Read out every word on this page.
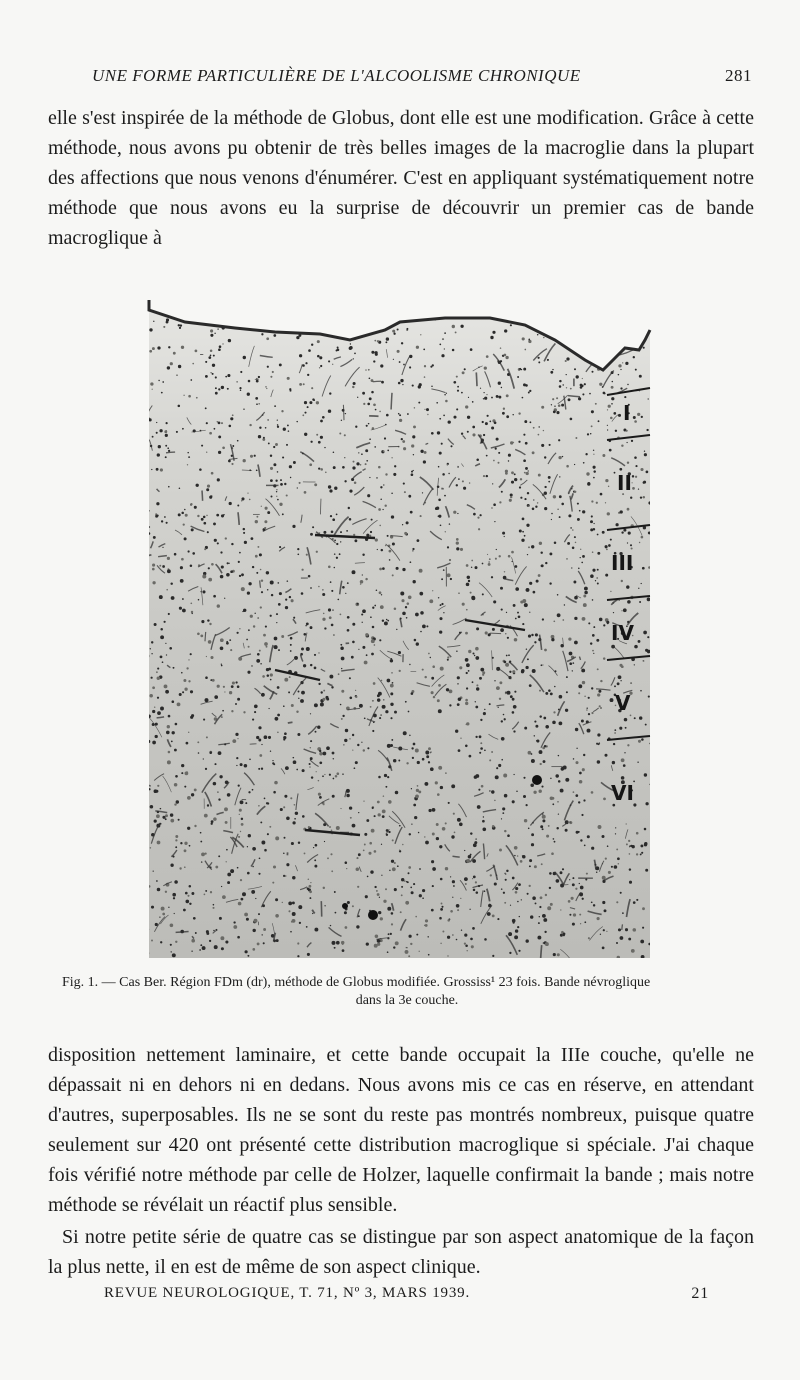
UNE FORME PARTICULIÈRE DE L'ALCOOLISME CHRONIQUE	281

elle s'est inspirée de la méthode de Globus, dont elle est une modification. Grâce à cette méthode, nous avons pu obtenir de très belles images de la macroglie dans la plupart des affections que nous venons d'énumérer. C'est en appliquant systématiquement notre méthode que nous avons eu la surprise de découvrir un premier cas de bande macroglique à

I
II
III
IV
V
VI
Fig. 1. — Cas Ber. Région FDm (dr), méthode de Globus modifiée. Grossiss¹ 23 fois. Bande névroglique
dans la 3e couche.

disposition nettement laminaire, et cette bande occupait la IIIe couche, qu'elle ne dépassait ni en dehors ni en dedans. Nous avons mis ce cas en réserve, en attendant d'autres, superposables. Ils ne se sont du reste pas montrés nombreux, puisque quatre seulement sur 420 ont présenté cette distribution macroglique si spéciale. J'ai chaque fois vérifié notre méthode par celle de Holzer, laquelle confirmait la bande ; mais notre méthode se révélait un réactif plus sensible.

Si notre petite série de quatre cas se distingue par son aspect anatomique de la façon la plus nette, il en est de même de son aspect clinique.

REVUE NEUROLOGIQUE, T. 71, Nº 3, MARS 1939.	21
